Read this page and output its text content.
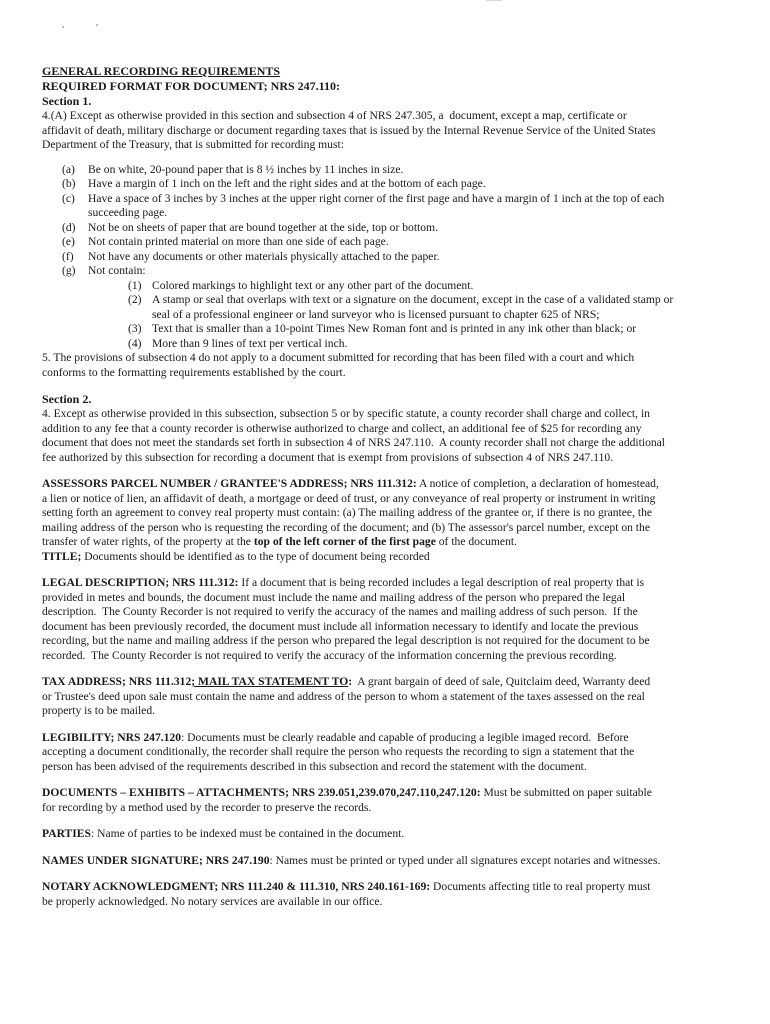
GENERAL RECORDING REQUIREMENTS
REQUIRED FORMAT FOR DOCUMENT; NRS 247.110:
Section 1.
4.(A) Except as otherwise provided in this section and subsection 4 of NRS 247.305, a  document, except a map, certificate or
affidavit of death, military discharge or document regarding taxes that is issued by the Internal Revenue Service of the United States
Department of the Treasury, that is submitted for recording must:
(a)	Be on white, 20-pound paper that is 8 ½ inches by 11 inches in size.
(b)	Have a margin of 1 inch on the left and the right sides and at the bottom of each page.
(c)	Have a space of 3 inches by 3 inches at the upper right corner of the first page and have a margin of 1 inch at the top of each
succeeding page.
(d)	Not be on sheets of paper that are bound together at the side, top or bottom.
(e)	Not contain printed material on more than one side of each page.
(f)	Not have any documents or other materials physically attached to the paper.
(g)	Not contain:
(1) Colored markings to highlight text or any other part of the document.
(2) A stamp or seal that overlaps with text or a signature on the document, except in the case of a validated stamp or
seal of a professional engineer or land surveyor who is licensed pursuant to chapter 625 of NRS;
(3) Text that is smaller than a 10-point Times New Roman font and is printed in any ink other than black; or
(4) More than 9 lines of text per vertical inch.
5. The provisions of subsection 4 do not apply to a document submitted for recording that has been filed with a court and which
conforms to the formatting requirements established by the court.
Section 2.
4. Except as otherwise provided in this subsection, subsection 5 or by specific statute, a county recorder shall charge and collect, in
addition to any fee that a county recorder is otherwise authorized to charge and collect, an additional fee of $25 for recording any
document that does not meet the standards set forth in subsection 4 of NRS 247.110.  A county recorder shall not charge the additional
fee authorized by this subsection for recording a document that is exempt from provisions of subsection 4 of NRS 247.110.
ASSESSORS PARCEL NUMBER / GRANTEE'S ADDRESS; NRS 111.312: A notice of completion, a declaration of homestead,
a lien or notice of lien, an affidavit of death, a mortgage or deed of trust, or any conveyance of real property or instrument in writing
setting forth an agreement to convey real property must contain: (a) The mailing address of the grantee or, if there is no grantee, the
mailing address of the person who is requesting the recording of the document; and (b) The assessor's parcel number, except on the
transfer of water rights, of the property at the top of the left corner of the first page of the document.
TITLE; Documents should be identified as to the type of document being recorded
LEGAL DESCRIPTION; NRS 111.312: If a document that is being recorded includes a legal description of real property that is
provided in metes and bounds, the document must include the name and mailing address of the person who prepared the legal
description.  The County Recorder is not required to verify the accuracy of the names and mailing address of such person.  If the
document has been previously recorded, the document must include all information necessary to identify and locate the previous
recording, but the name and mailing address if the person who prepared the legal description is not required for the document to be
recorded.  The County Recorder is not required to verify the accuracy of the information concerning the previous recording.
TAX ADDRESS; NRS 111.312; MAIL TAX STATEMENT TO:  A grant bargain of deed of sale, Quitclaim deed, Warranty deed
or Trustee's deed upon sale must contain the name and address of the person to whom a statement of the taxes assessed on the real
property is to be mailed.
LEGIBILITY; NRS 247.120: Documents must be clearly readable and capable of producing a legible imaged record.  Before
accepting a document conditionally, the recorder shall require the person who requests the recording to sign a statement that the
person has been advised of the requirements described in this subsection and record the statement with the document.
DOCUMENTS – EXHIBITS – ATTACHMENTS; NRS 239.051,239.070,247.110,247.120: Must be submitted on paper suitable
for recording by a method used by the recorder to preserve the records.
PARTIES: Name of parties to be indexed must be contained in the document.
NAMES UNDER SIGNATURE; NRS 247.190: Names must be printed or typed under all signatures except notaries and witnesses.
NOTARY ACKNOWLEDGMENT; NRS 111.240 & 111.310, NRS 240.161-169: Documents affecting title to real property must
be properly acknowledged. No notary services are available in our office.
